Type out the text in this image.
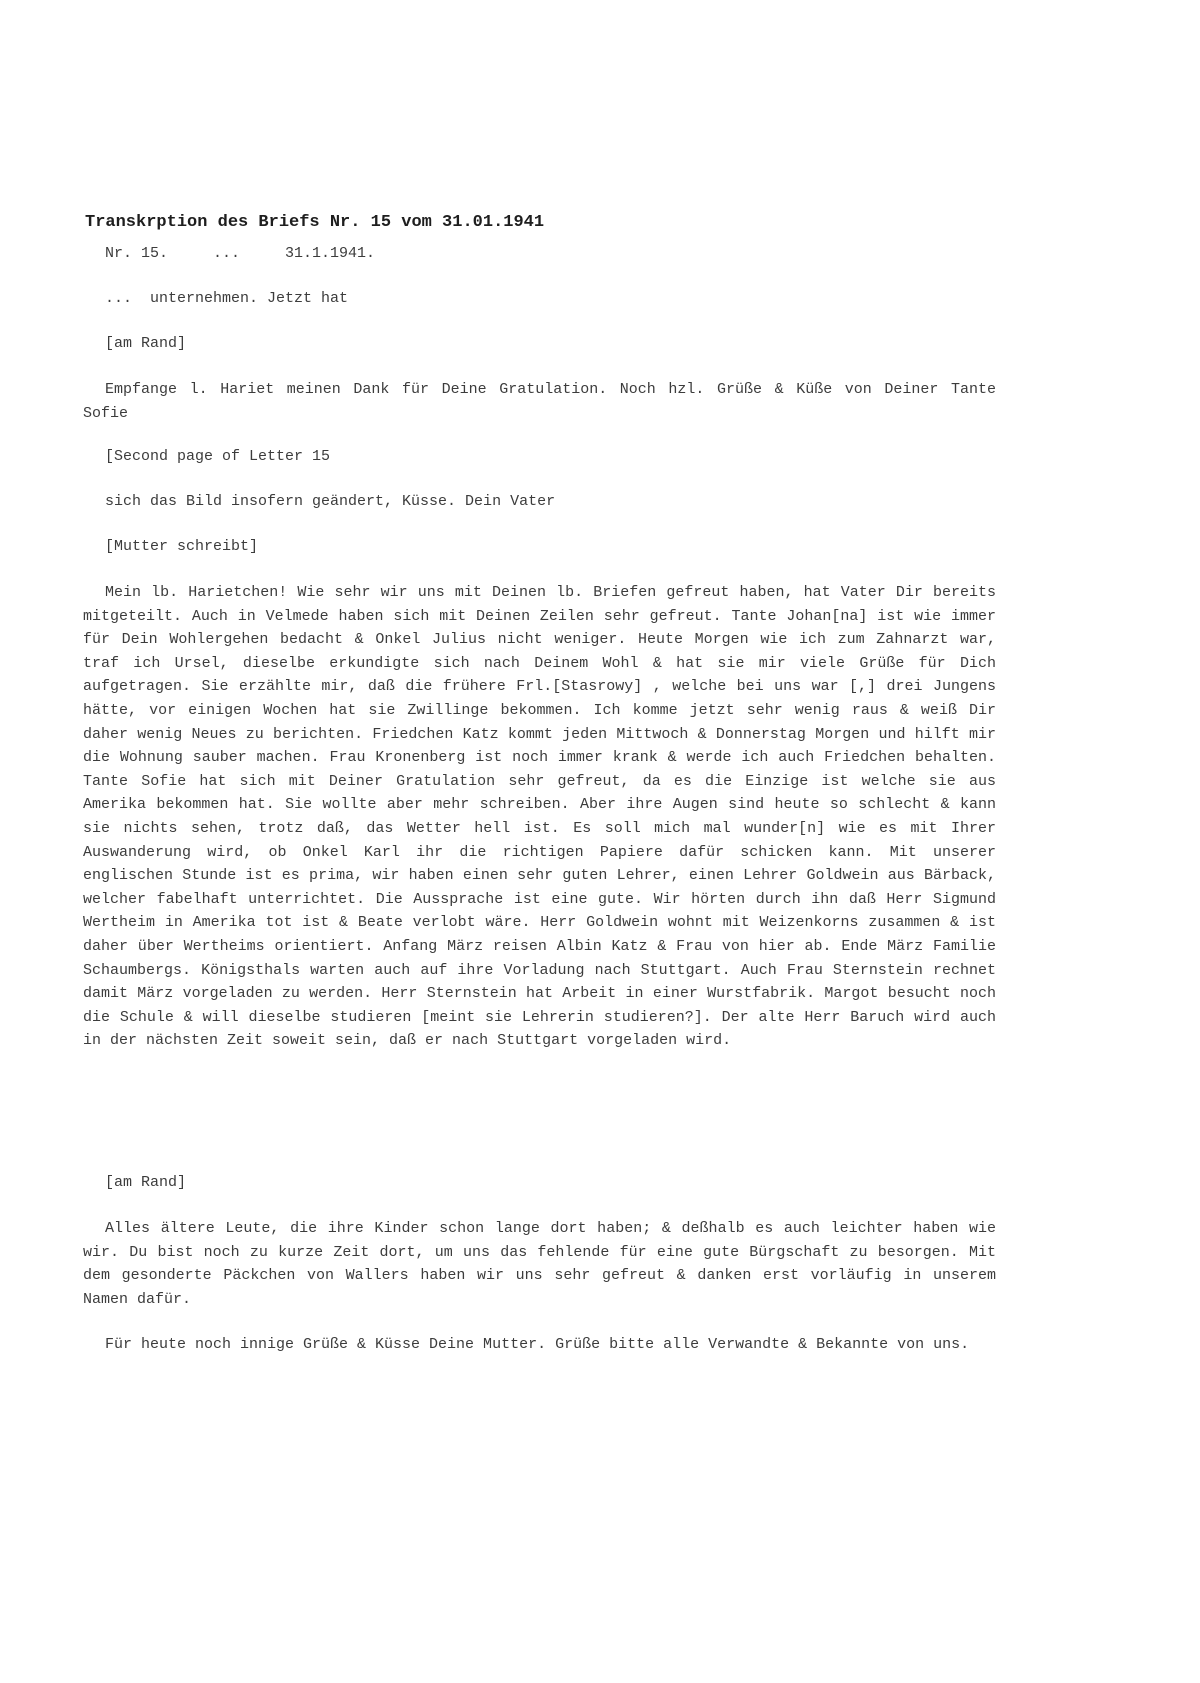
Transkrption des Briefs Nr. 15 vom 31.01.1941
Nr. 15.     ...     31.1.1941.
...  unternehmen. Jetzt hat
[am Rand]
Empfange l. Hariet meinen Dank für Deine Gratulation. Noch hzl. Grüße & Küße von Deiner Tante Sofie
[Second page of Letter 15
sich das Bild insofern geändert, Küsse. Dein Vater
[Mutter schreibt]
Mein lb. Harietchen! Wie sehr wir uns mit Deinen lb. Briefen gefreut haben, hat Vater Dir bereits mitgeteilt. Auch in Velmede haben sich mit Deinen Zeilen sehr gefreut. Tante Johan[na] ist wie immer für Dein Wohlergehen bedacht & Onkel Julius nicht weniger. Heute Morgen wie ich zum Zahnarzt war, traf ich Ursel, dieselbe erkundigte sich nach Deinem Wohl & hat sie mir viele Grüße für Dich aufgetragen. Sie erzählte mir, daß die frühere Frl.[Stasrowy] , welche bei uns war [,] drei Jungens hätte, vor einigen Wochen hat sie Zwillinge bekommen. Ich komme jetzt sehr wenig raus & weiß Dir daher wenig Neues zu berichten. Friedchen Katz kommt jeden Mittwoch & Donnerstag Morgen und hilft mir die Wohnung sauber machen. Frau Kronenberg ist noch immer krank & werde ich auch Friedchen behalten. Tante Sofie hat sich mit Deiner Gratulation sehr gefreut, da es die Einzige ist welche sie aus Amerika bekommen hat. Sie wollte aber mehr schreiben. Aber ihre Augen sind heute so schlecht & kann sie nichts sehen, trotz daß, das Wetter hell ist. Es soll mich mal wunder[n] wie es mit Ihrer Auswanderung wird, ob Onkel Karl ihr die richtigen Papiere dafür schicken kann. Mit unserer englischen Stunde ist es prima, wir haben einen sehr guten Lehrer, einen Lehrer Goldwein aus Bärback, welcher fabelhaft unterrichtet. Die Aussprache ist eine gute. Wir hörten durch ihn daß Herr Sigmund Wertheim in Amerika tot ist & Beate verlobt wäre. Herr Goldwein wohnt mit Weizenkorns zusammen & ist daher über Wertheims orientiert. Anfang März reisen Albin Katz & Frau von hier ab. Ende März Familie Schaumbergs. Königsthals warten auch auf ihre Vorladung nach Stuttgart. Auch Frau Sternstein rechnet damit März vorgeladen zu werden. Herr Sternstein hat Arbeit in einer Wurstfabrik. Margot besucht noch die Schule & will dieselbe studieren [meint sie Lehrerin studieren?]. Der alte Herr Baruch wird auch in der nächsten Zeit soweit sein, daß er nach Stuttgart vorgeladen wird.
[am Rand]
Alles ältere Leute, die ihre Kinder schon lange dort haben; & deßhalb es auch leichter haben wie wir. Du bist noch zu kurze Zeit dort, um uns das fehlende für eine gute Bürgschaft zu besorgen. Mit dem gesonderte Päckchen von Wallers haben wir uns sehr gefreut & danken erst vorläufig in unserem Namen dafür.
Für heute noch innige Grüße & Küsse Deine Mutter. Grüße bitte alle Verwandte & Bekannte von uns.
